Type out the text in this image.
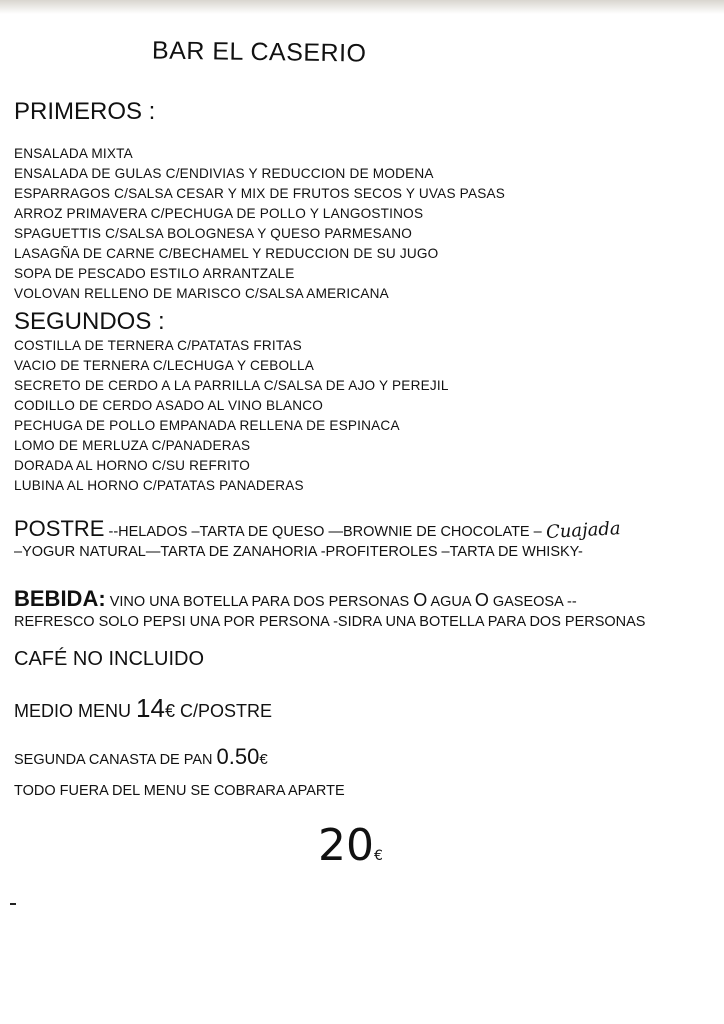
BAR EL CASERIO
PRIMEROS :
ENSALADA MIXTA
ENSALADA DE GULAS C/ENDIVIAS Y REDUCCION DE MODENA
ESPARRAGOS C/SALSA CESAR Y MIX DE FRUTOS SECOS Y UVAS PASAS
ARROZ PRIMAVERA C/PECHUGA DE POLLO Y LANGOSTINOS
SPAGUETTIS C/SALSA BOLOGNESA Y QUESO PARMESANO
LASAGÑA DE CARNE C/BECHAMEL Y REDUCCION DE SU JUGO
SOPA DE PESCADO ESTILO ARRANTZALE
VOLOVAN RELLENO DE MARISCO C/SALSA AMERICANA
SEGUNDOS :
COSTILLA DE TERNERA C/PATATAS FRITAS
VACIO DE TERNERA C/LECHUGA Y CEBOLLA
SECRETO DE CERDO A LA PARRILLA C/SALSA DE AJO Y PEREJIL
CODILLO DE CERDO ASADO AL VINO BLANCO
PECHUGA DE POLLO EMPANADA RELLENA DE ESPINACA
LOMO DE MERLUZA C/PANADERAS
DORADA AL HORNO C/SU REFRITO
LUBINA AL HORNO C/PATATAS PANADERAS
POSTRE --HELADOS –TARTA DE QUESO —BROWNIE DE CHOCOLATE – Cuajada
–YOGUR NATURAL—TARTA DE ZANAHORIA -PROFITEROLES –TARTA DE WHISKY-
BEBIDA: VINO UNA BOTELLA PARA DOS PERSONAS O AGUA O GASEOSA --
REFRESCO SOLO PEPSI UNA POR PERSONA -SIDRA UNA BOTELLA PARA DOS PERSONAS
CAFÉ NO INCLUIDO
MEDIO MENU 14€ C/POSTRE
SEGUNDA CANASTA DE PAN 0.50€
TODO FUERA DEL MENU SE COBRARA APARTE
20€
